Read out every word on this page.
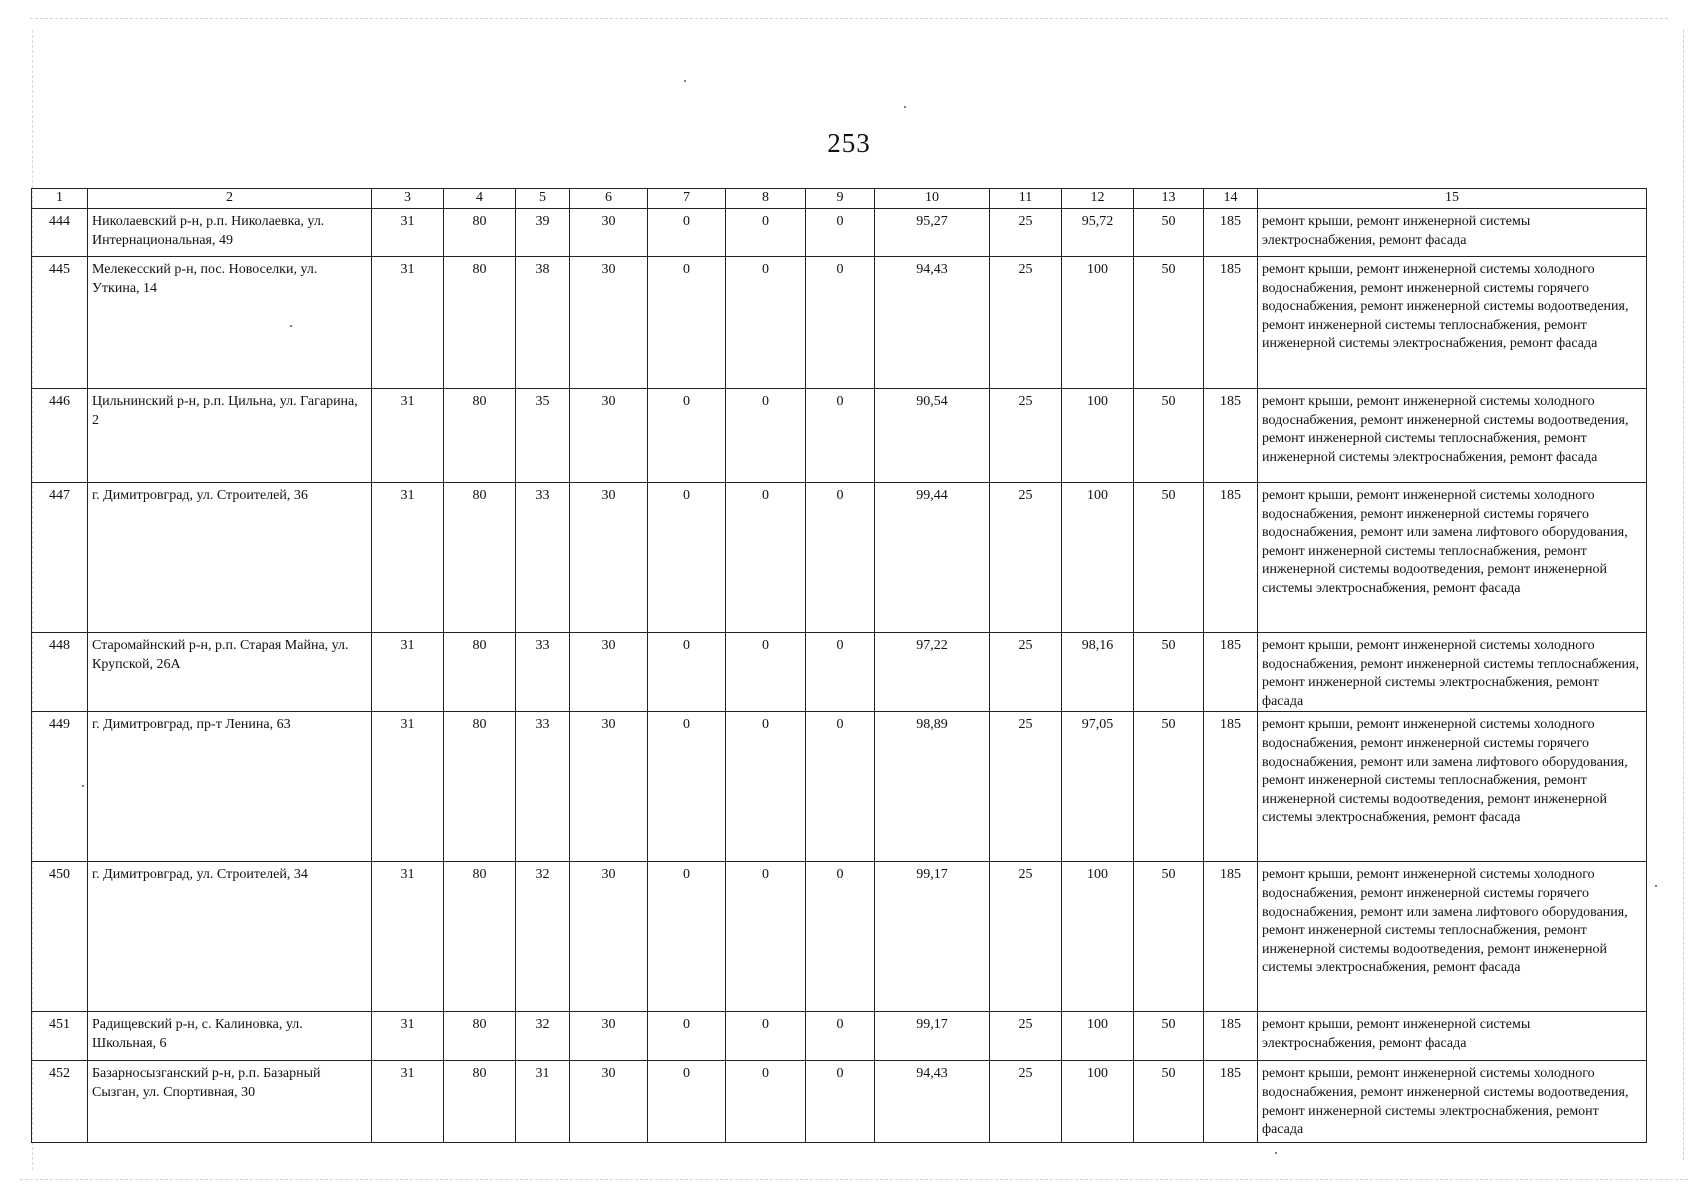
253
1	2	3	4	5	6	7	8	9	10	11	12	13	14	15
444	Николаевский р-н, р.п. Николаевка, ул. Интернациональная, 49	31	80	39	30	0	0	0	95,27	25	95,72	50	185	ремонт крыши, ремонт инженерной системы электроснабжения, ремонт фасада
445	Мелекесский р-н, пос. Новоселки, ул. Уткина, 14	31	80	38	30	0	0	0	94,43	25	100	50	185	ремонт крыши, ремонт инженерной системы холодного водоснабжения, ремонт инженерной системы горячего водоснабжения, ремонт инженерной системы водоотведения, ремонт инженерной системы теплоснабжения, ремонт инженерной системы электроснабжения, ремонт фасада
446	Цильнинский р-н, р.п. Цильна, ул. Гагарина, 2	31	80	35	30	0	0	0	90,54	25	100	50	185	ремонт крыши, ремонт инженерной системы холодного водоснабжения, ремонт инженерной системы водоотведения, ремонт инженерной системы теплоснабжения, ремонт инженерной системы электроснабжения, ремонт фасада
447	г. Димитровград, ул. Строителей, 36	31	80	33	30	0	0	0	99,44	25	100	50	185	ремонт крыши, ремонт инженерной системы холодного водоснабжения, ремонт инженерной системы горячего водоснабжения, ремонт или замена лифтового оборудования, ремонт инженерной системы теплоснабжения, ремонт инженерной системы водоотведения, ремонт инженерной системы электроснабжения, ремонт фасада
448	Старомайнский р-н, р.п. Старая Майна, ул. Крупской, 26А	31	80	33	30	0	0	0	97,22	25	98,16	50	185	ремонт крыши, ремонт инженерной системы холодного водоснабжения, ремонт инженерной системы теплоснабжения, ремонт инженерной системы электроснабжения, ремонт фасада
449	г. Димитровград, пр-т Ленина, 63	31	80	33	30	0	0	0	98,89	25	97,05	50	185	ремонт крыши, ремонт инженерной системы холодного водоснабжения, ремонт инженерной системы горячего водоснабжения, ремонт или замена лифтового оборудования, ремонт инженерной системы теплоснабжения, ремонт инженерной системы водоотведения, ремонт инженерной системы электроснабжения, ремонт фасада
450	г. Димитровград, ул. Строителей, 34	31	80	32	30	0	0	0	99,17	25	100	50	185	ремонт крыши, ремонт инженерной системы холодного водоснабжения, ремонт инженерной системы горячего водоснабжения, ремонт или замена лифтового оборудования, ремонт инженерной системы теплоснабжения, ремонт инженерной системы водоотведения, ремонт инженерной системы электроснабжения, ремонт фасада
451	Радищевский р-н, с. Калиновка, ул. Школьная, 6	31	80	32	30	0	0	0	99,17	25	100	50	185	ремонт крыши, ремонт инженерной системы электроснабжения, ремонт фасада
452	Базарносызганский р-н, р.п. Базарный Сызган, ул. Спортивная, 30	31	80	31	30	0	0	0	94,43	25	100	50	185	ремонт крыши, ремонт инженерной системы холодного водоснабжения, ремонт инженерной системы водоотведения, ремонт инженерной системы электроснабжения, ремонт фасада
